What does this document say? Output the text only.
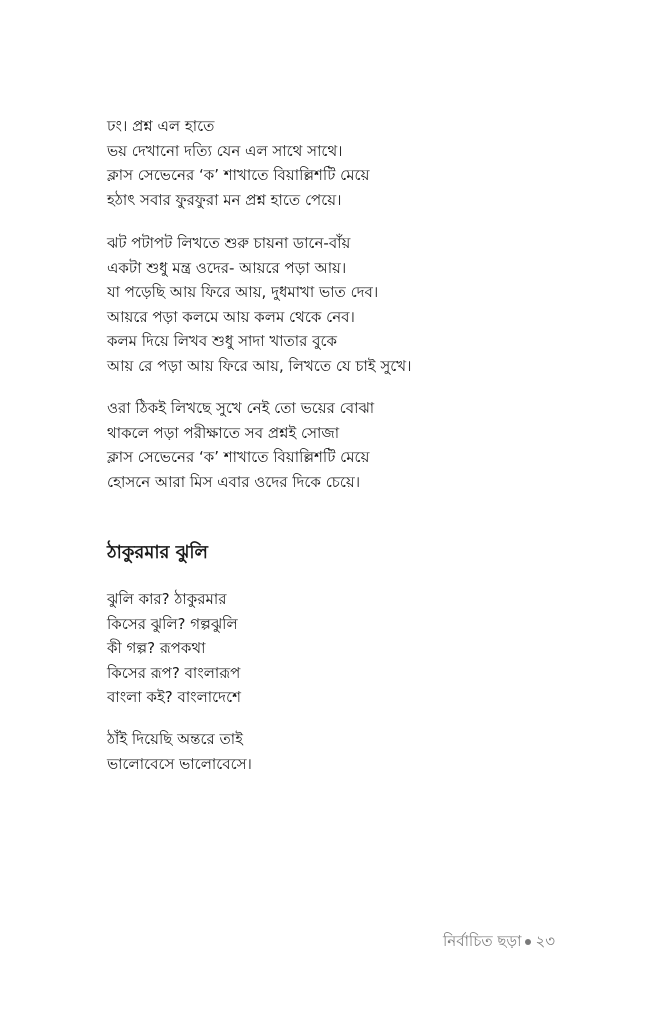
ঢং। প্রশ্ন এল হাতে
ভয় দেখানো দত্যি যেন এল সাথে সাথে।
ক্লাস সেভেনের ‘ক’ শাখাতে বিয়াল্লিশটি মেয়ে
হঠাৎ সবার ফুরফুরা মন প্রশ্ন হাতে পেয়ে।
ঝট পটাপট লিখতে শুরু চায়না ডানে-বাঁয়
একটা শুধু মন্ত্র ওদের- আয়রে পড়া আয়।
যা পড়েছি আয় ফিরে আয়, দুধমাখা ভাত দেব।
আয়রে পড়া কলমে আয় কলম থেকে নেব।
কলম দিয়ে লিখব শুধু সাদা খাতার বুকে
আয় রে পড়া আয় ফিরে আয়, লিখতে যে চাই সুখে।
ওরা ঠিকই লিখছে সুখে নেই তো ভয়ের বোঝা
থাকলে পড়া পরীক্ষাতে সব প্রশ্নই সোজা
ক্লাস সেভেনের ‘ক’ শাখাতে বিয়াল্লিশটি মেয়ে
হোসনে আরা মিস এবার ওদের দিকে চেয়ে।
ঠাকুরমার ঝুলি
ঝুলি কার? ঠাকুরমার
কিসের ঝুলি? গল্পঝুলি
কী গল্প? রূপকথা
কিসের রূপ? বাংলারূপ
বাংলা কই? বাংলাদেশে
ঠাঁই দিয়েছি অন্তরে তাই
ভালোবেসে ভালোবেসে।
নির্বাচিত ছড়া ২৩
